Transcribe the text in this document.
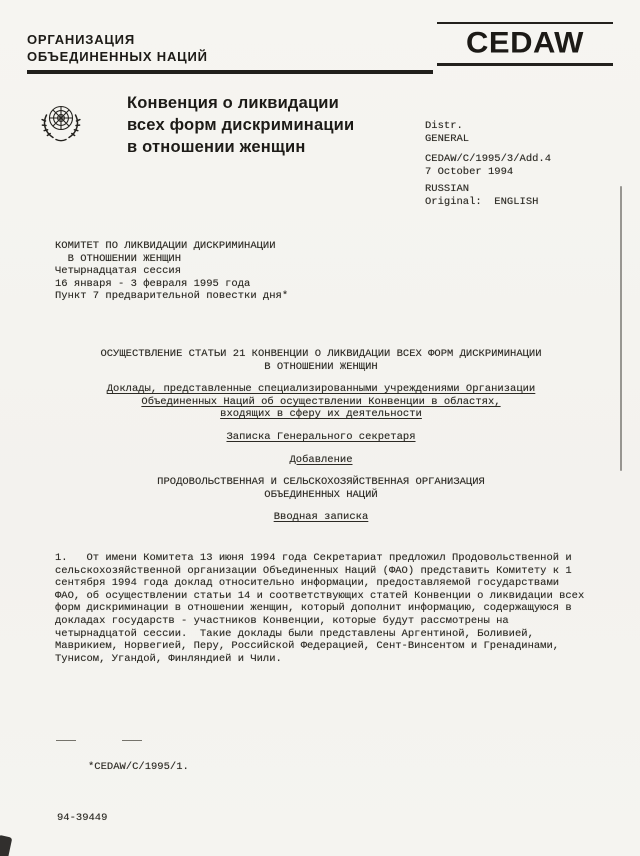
ОРГАНИЗАЦИЯ
ОБЪЕДИНЕННЫХ НАЦИЙ	CEDAW
Конвенция о ликвидации
всех форм дискриминации
в отношении женщин
Distr.
GENERAL
CEDAW/C/1995/3/Add.4
7 October 1994
RUSSIAN
Original:  ENGLISH
КОМИТЕТ ПО ЛИКВИДАЦИИ ДИСКРИМИНАЦИИ
В ОТНОШЕНИИ ЖЕНЩИН
Четырнадцатая сессия
16 января - 3 февраля 1995 года
Пункт 7 предварительной повестки дня*
ОСУЩЕСТВЛЕНИЕ СТАТЬИ 21 КОНВЕНЦИИ О ЛИКВИДАЦИИ ВСЕХ ФОРМ ДИСКРИМИНАЦИИ
В ОТНОШЕНИИ ЖЕНЩИН
Доклады, представленные специализированными учреждениями Организации
Объединенных Наций об осуществлении Конвенции в областях,
входящих в сферу их деятельности
Записка Генерального секретаря
Добавление
ПРОДОВОЛЬСТВЕННАЯ И СЕЛЬСКОХОЗЯЙСТВЕННАЯ ОРГАНИЗАЦИЯ
ОБЪЕДИНЕННЫХ НАЦИЙ
Вводная записка
1.   От имени Комитета 13 июня 1994 года Секретариат предложил Продовольственной и сельскохозяйственной организации Объединенных Наций (ФАО) представить Комитету к 1 сентября 1994 года доклад относительно информации, предоставляемой государствами ФАО, об осуществлении статьи 14 и соответствующих статей Конвенции о ликвидации всех форм дискриминации в отношении женщин, который дополнит информацию, содержащуюся в докладах государств - участников Конвенции, которые будут рассмотрены на четырнадцатой сессии.  Такие доклады были представлены Аргентиной, Боливией, Маврикием, Норвегией, Перу, Российской Федерацией, Сент-Винсентом и Гренадинами, Тунисом, Угандой, Финляндией и Чили.
*CEDAW/C/1995/1.
94-39449
